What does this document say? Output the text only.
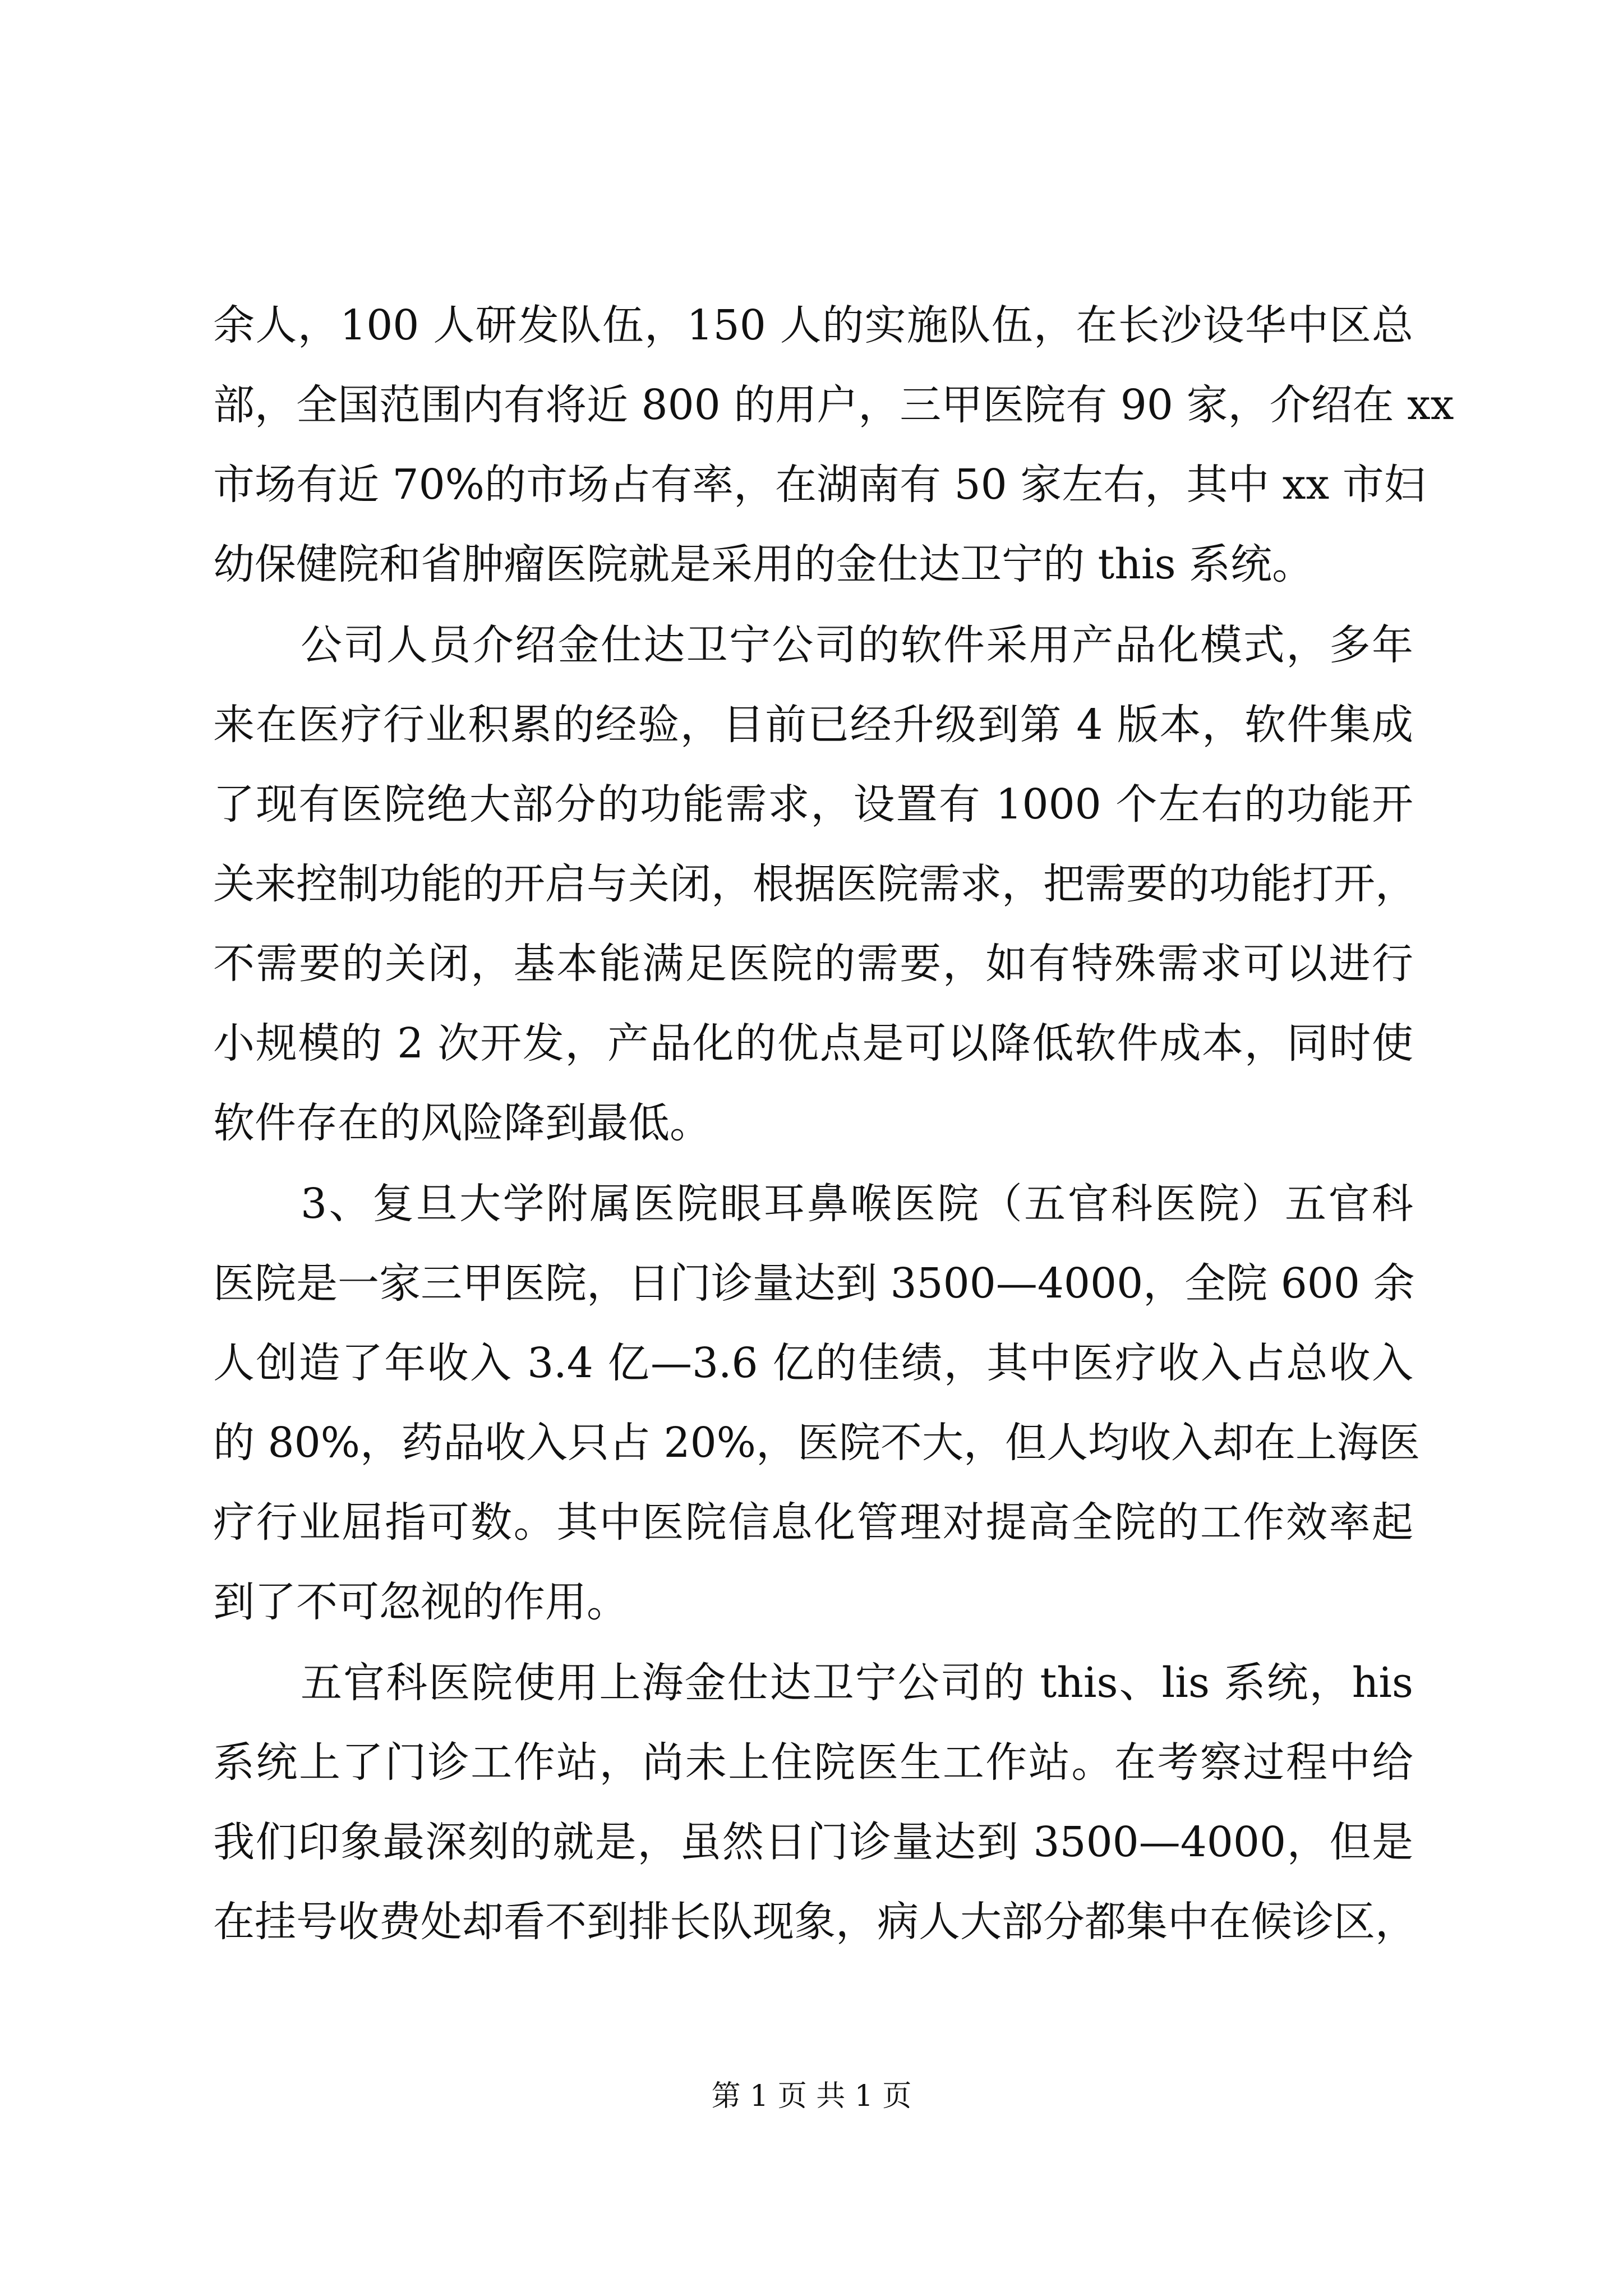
余人，100 人研发队伍，150 人的实施队伍，在长沙设华中区总
部，全国范围内有将近 800 的用户，三甲医院有 90 家，介绍在 xx
市场有近 70%的市场占有率，在湖南有 50 家左右，其中 xx 市妇
幼保健院和省肿瘤医院就是采用的金仕达卫宁的 this 系统。
公司人员介绍金仕达卫宁公司的软件采用产品化模式，多年
来在医疗行业积累的经验，目前已经升级到第 4 版本，软件集成
了现有医院绝大部分的功能需求，设置有 1000 个左右的功能开
关来控制功能的开启与关闭，根据医院需求，把需要的功能打开，
不需要的关闭，基本能满足医院的需要，如有特殊需求可以进行
小规模的 2 次开发，产品化的优点是可以降低软件成本，同时使
软件存在的风险降到最低。
3、复旦大学附属医院眼耳鼻喉医院（五官科医院）五官科
医院是一家三甲医院，日门诊量达到 3500—4000，全院 600 余
人创造了年收入 3.4 亿—3.6 亿的佳绩，其中医疗收入占总收入
的 80%，药品收入只占 20%，医院不大，但人均收入却在上海医
疗行业屈指可数。其中医院信息化管理对提高全院的工作效率起
到了不可忽视的作用。
五官科医院使用上海金仕达卫宁公司的 this、lis 系统，his
系统上了门诊工作站，尚未上住院医生工作站。在考察过程中给
我们印象最深刻的就是，虽然日门诊量达到 3500—4000，但是
在挂号收费处却看不到排长队现象，病人大部分都集中在候诊区，
第 1 页 共 1 页
